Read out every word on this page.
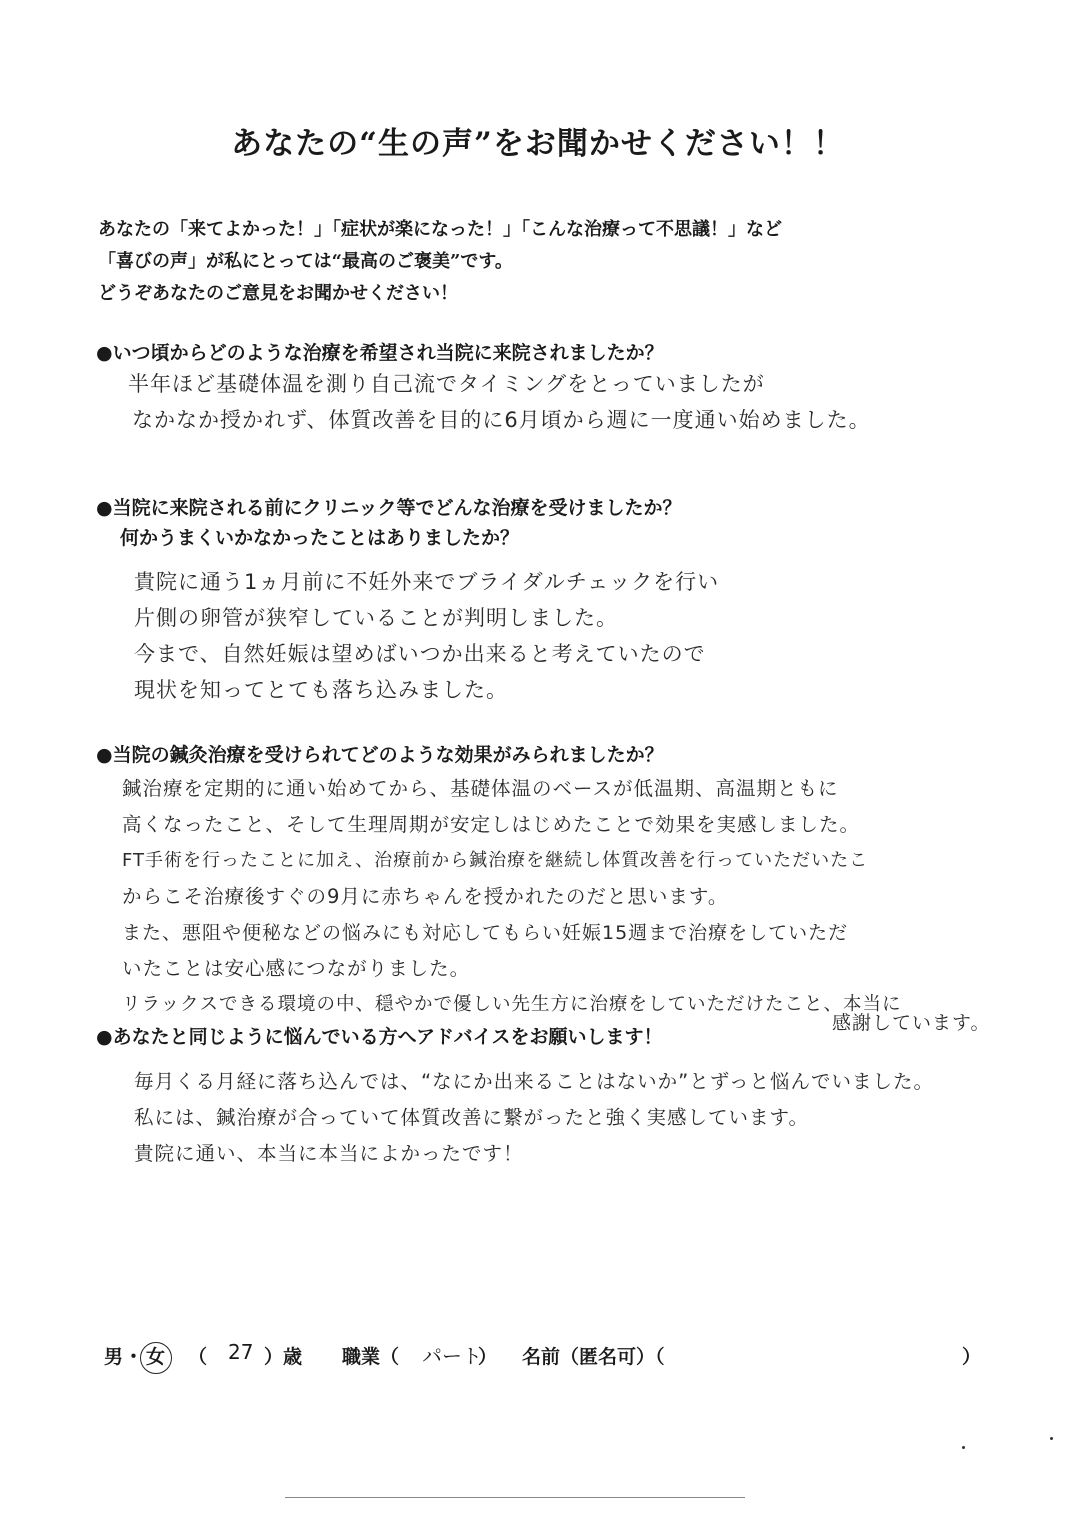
あなたの“生の声”をお聞かせください！！
あなたの「来てよかった！」「症状が楽になった！」「こんな治療って不思議！」など
「喜びの声」が私にとっては“最高のご褒美”です。
どうぞあなたのご意見をお聞かせください！
●いつ頃からどのような治療を希望され当院に来院されましたか？
半年ほど基礎体温を測り自己流でタイミングをとっていましたが
なかなか授かれず、体質改善を目的に6月頃から週に一度通い始めました。
●当院に来院される前にクリニック等でどんな治療を受けましたか？
何かうまくいかなかったことはありましたか？
貴院に通う1ヵ月前に不妊外来でブライダルチェックを行い
片側の卵管が狭窄していることが判明しました。
今まで、自然妊娠は望めばいつか出来ると考えていたので
現状を知ってとても落ち込みました。
●当院の鍼灸治療を受けられてどのような効果がみられましたか？
鍼治療を定期的に通い始めてから、基礎体温のベースが低温期、高温期ともに
高くなったこと、そして生理周期が安定しはじめたことで効果を実感しました。
FT手術を行ったことに加え、治療前から鍼治療を継続し体質改善を行っていただいたこ
からこそ治療後すぐの9月に赤ちゃんを授かれたのだと思います。
また、悪阻や便秘などの悩みにも対応してもらい妊娠15週まで治療をしていただ
いたことは安心感につながりました。
リラックスできる環境の中、穏やかで優しい先生方に治療をしていただけたこと、本当に
感謝しています。
●あなたと同じように悩んでいる方へアドバイスをお願いします！
毎月くる月経に落ち込んでは、“なにか出来ることはないか”とずっと悩んでいました。
私には、鍼治療が合っていて体質改善に繋がったと強く実感しています。
貴院に通い、本当に本当によかったです！
男 ・ 女 （ 27 ）歳 職業（ パート
） 名前（匿名可）（	）
